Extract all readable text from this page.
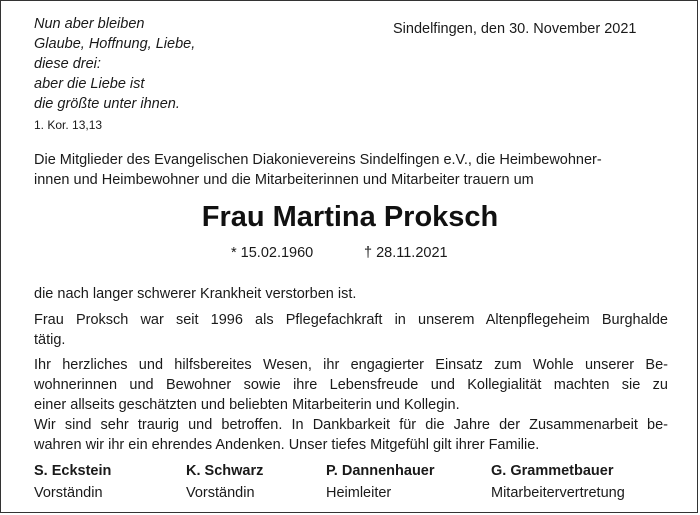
Nun aber bleiben
Glaube, Hoffnung, Liebe,
diese drei:
aber die Liebe ist
die größte unter ihnen.
1. Kor. 13,13
Sindelfingen, den 30. November 2021
Die Mitglieder des Evangelischen Diakonievereins Sindelfingen e.V., die Heimbewohner-
innen und Heimbewohner und die Mitarbeiterinnen und Mitarbeiter trauern um
Frau Martina Proksch
* 15.02.1960	† 28.11.2021
die nach langer schwerer Krankheit verstorben ist.
Frau Proksch war seit 1996 als Pflegefachkraft in unserem Altenpflegeheim Burghalde
tätig.
Ihr herzliches und hilfsbereites Wesen, ihr engagierter Einsatz zum Wohle unserer Be-
wohnerinnen und Bewohner sowie ihre Lebensfreude und Kollegialität machten sie zu
einer allseits geschätzten und beliebten Mitarbeiterin und Kollegin.
Wir sind sehr traurig und betroffen. In Dankbarkeit für die Jahre der Zusammenarbeit be-
wahren wir ihr ein ehrendes Andenken. Unser tiefes Mitgefühl gilt ihrer Familie.
S. Eckstein
Vorständin
K. Schwarz
Vorständin
P. Dannenhauer
Heimleiter
G. Grammetbauer
Mitarbeitervertretung
